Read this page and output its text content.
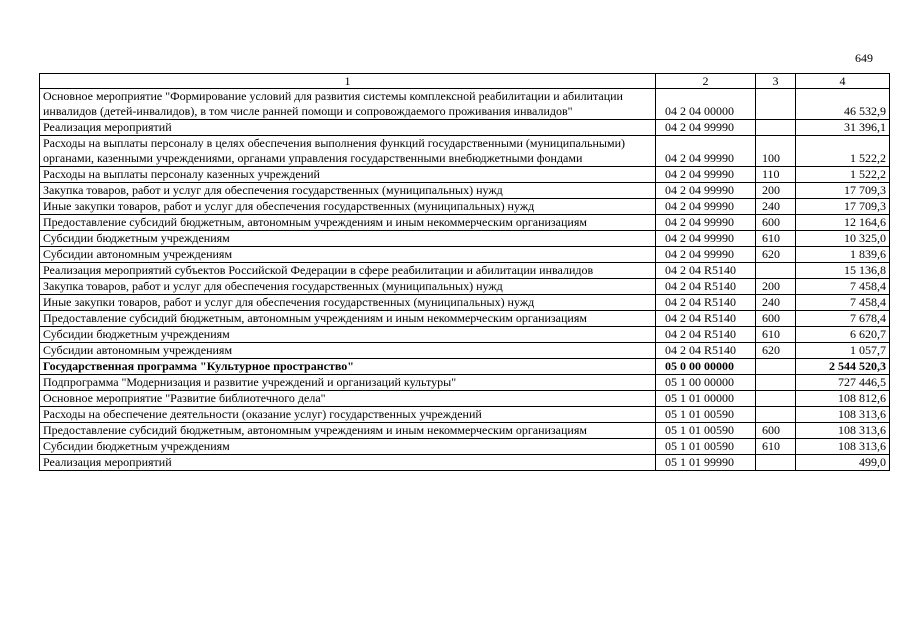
649
1	2	3	4
Основное мероприятие "Формирование условий для развития системы комплексной реабилитации и абилитации инвалидов (детей-инвалидов), в том числе ранней помощи и сопровождаемого проживания инвалидов"	04 2 04 00000		46 532,9
Реализация мероприятий	04 2 04 99990		31 396,1
Расходы на выплаты персоналу в целях обеспечения выполнения функций государственными (муниципальными) органами, казенными учреждениями, органами управления государственными внебюджетными фондами	04 2 04 99990	100	1 522,2
Расходы на выплаты персоналу казенных учреждений	04 2 04 99990	110	1 522,2
Закупка товаров, работ и услуг для обеспечения государственных (муниципальных) нужд	04 2 04 99990	200	17 709,3
Иные закупки товаров, работ и услуг для обеспечения государственных (муниципальных) нужд	04 2 04 99990	240	17 709,3
Предоставление субсидий бюджетным, автономным учреждениям и иным некоммерческим организациям	04 2 04 99990	600	12 164,6
Субсидии бюджетным учреждениям	04 2 04 99990	610	10 325,0
Субсидии автономным учреждениям	04 2 04 99990	620	1 839,6
Реализация мероприятий субъектов Российской Федерации в сфере реабилитации и абилитации инвалидов	04 2 04 R5140		15 136,8
Закупка товаров, работ и услуг для обеспечения государственных (муниципальных) нужд	04 2 04 R5140	200	7 458,4
Иные закупки товаров, работ и услуг для обеспечения государственных (муниципальных) нужд	04 2 04 R5140	240	7 458,4
Предоставление субсидий бюджетным, автономным учреждениям и иным некоммерческим организациям	04 2 04 R5140	600	7 678,4
Субсидии бюджетным учреждениям	04 2 04 R5140	610	6 620,7
Субсидии автономным учреждениям	04 2 04 R5140	620	1 057,7
Государственная программа "Культурное пространство"	05 0 00 00000		2 544 520,3
Подпрограмма "Модернизация и развитие учреждений и организаций культуры"	05 1 00 00000		727 446,5
Основное мероприятие "Развитие библиотечного дела"	05 1 01 00000		108 812,6
Расходы на обеспечение деятельности (оказание услуг) государственных учреждений	05 1 01 00590		108 313,6
Предоставление субсидий бюджетным, автономным учреждениям и иным некоммерческим организациям	05 1 01 00590	600	108 313,6
Субсидии бюджетным учреждениям	05 1 01 00590	610	108 313,6
Реализация мероприятий	05 1 01 99990		499,0
